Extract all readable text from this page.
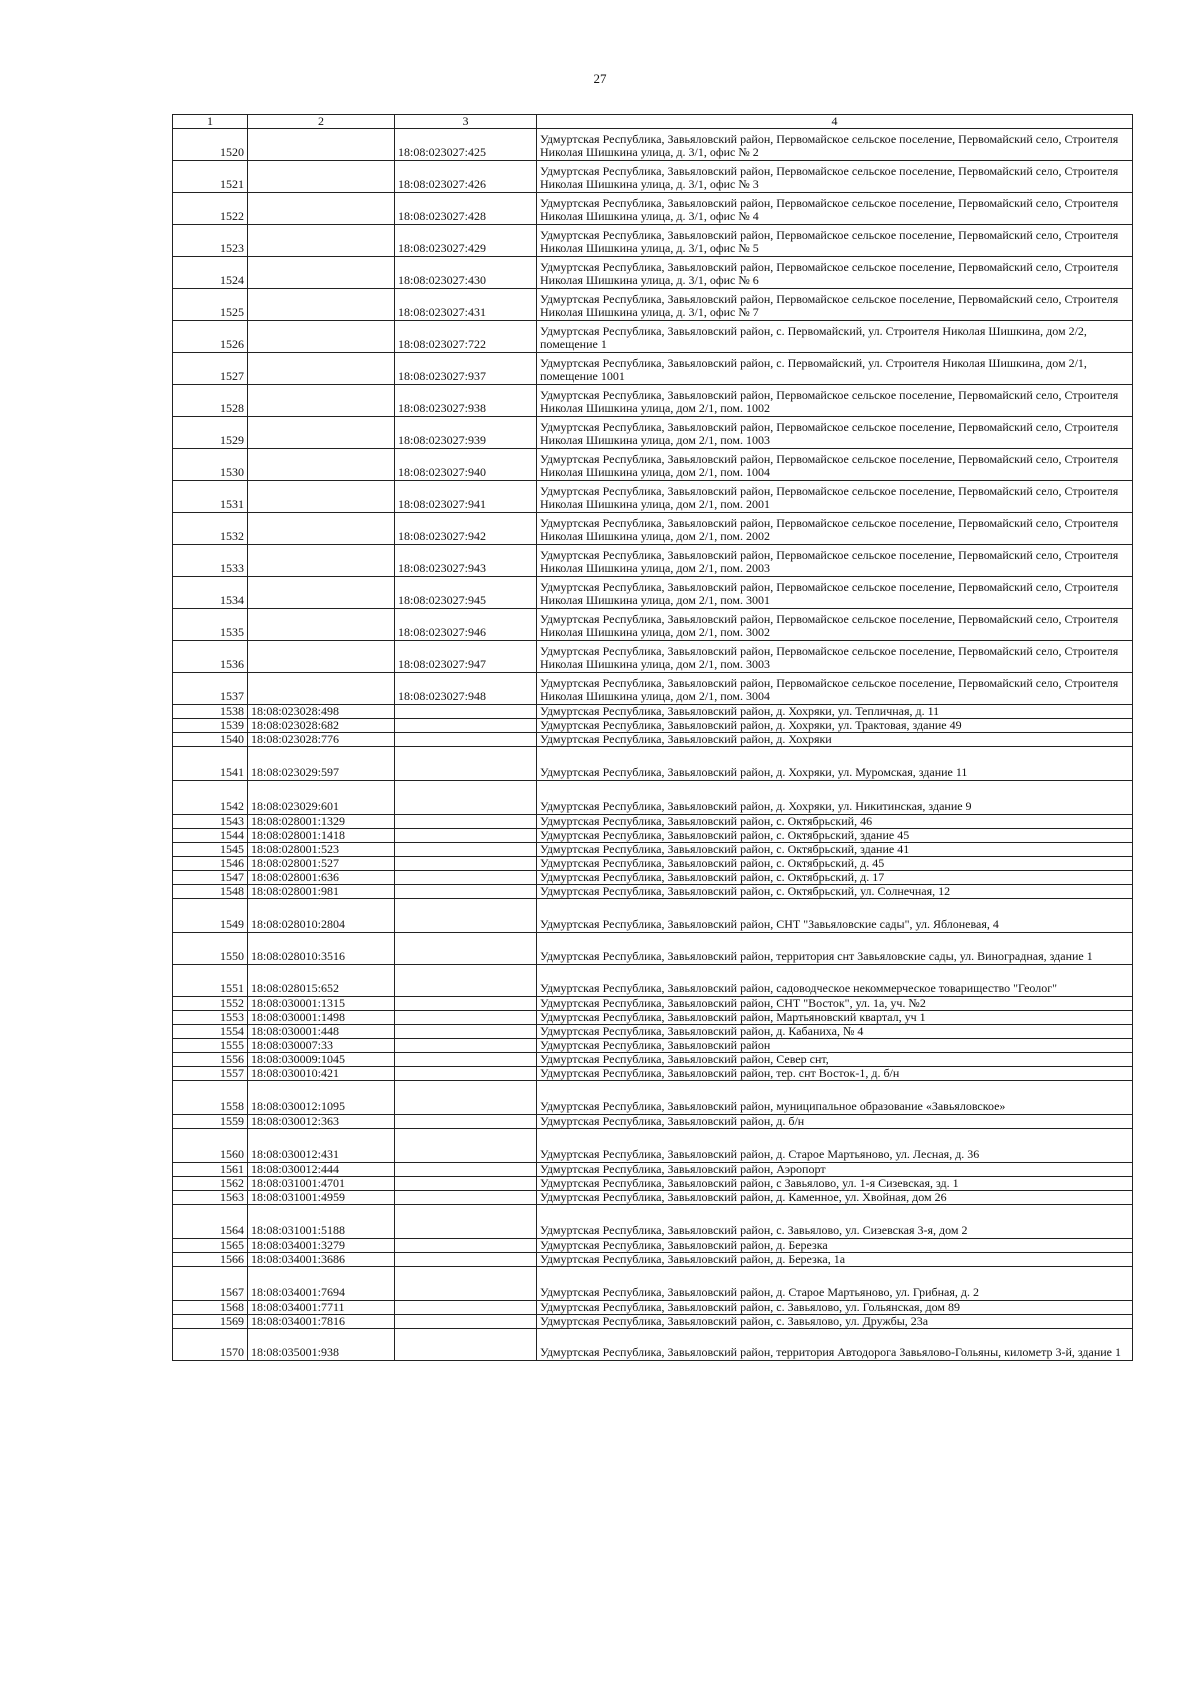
27
1	2	3	4
1520		18:08:023027:425	Удмуртская Республика, Завьяловский район, Первомайское сельское поселение, Первомайский село, Строителя Николая Шишкина улица, д. 3/1, офис № 2
1521		18:08:023027:426	Удмуртская Республика, Завьяловский район, Первомайское сельское поселение, Первомайский село, Строителя Николая Шишкина улица, д. 3/1, офис № 3
1522		18:08:023027:428	Удмуртская Республика, Завьяловский район, Первомайское сельское поселение, Первомайский село, Строителя Николая Шишкина улица, д. 3/1, офис № 4
1523		18:08:023027:429	Удмуртская Республика, Завьяловский район, Первомайское сельское поселение, Первомайский село, Строителя Николая Шишкина улица, д. 3/1, офис № 5
1524		18:08:023027:430	Удмуртская Республика, Завьяловский район, Первомайское сельское поселение, Первомайский село, Строителя Николая Шишкина улица, д. 3/1, офис № 6
1525		18:08:023027:431	Удмуртская Республика, Завьяловский район, Первомайское сельское поселение, Первомайский село, Строителя Николая Шишкина улица, д. 3/1, офис № 7
1526		18:08:023027:722	Удмуртская Республика, Завьяловский район, с. Первомайский, ул. Строителя Николая Шишкина, дом 2/2, помещение 1
1527		18:08:023027:937	Удмуртская Республика, Завьяловский район, с. Первомайский, ул. Строителя Николая Шишкина, дом 2/1, помещение 1001
1528		18:08:023027:938	Удмуртская Республика, Завьяловский район, Первомайское сельское поселение, Первомайский село, Строителя Николая Шишкина улица, дом 2/1, пом. 1002
1529		18:08:023027:939	Удмуртская Республика, Завьяловский район, Первомайское сельское поселение, Первомайский село, Строителя Николая Шишкина улица, дом 2/1, пом. 1003
1530		18:08:023027:940	Удмуртская Республика, Завьяловский район, Первомайское сельское поселение, Первомайский село, Строителя Николая Шишкина улица, дом 2/1, пом. 1004
1531		18:08:023027:941	Удмуртская Республика, Завьяловский район, Первомайское сельское поселение, Первомайский село, Строителя Николая Шишкина улица, дом 2/1, пом. 2001
1532		18:08:023027:942	Удмуртская Республика, Завьяловский район, Первомайское сельское поселение, Первомайский село, Строителя Николая Шишкина улица, дом 2/1, пом. 2002
1533		18:08:023027:943	Удмуртская Республика, Завьяловский район, Первомайское сельское поселение, Первомайский село, Строителя Николая Шишкина улица, дом 2/1, пом. 2003
1534		18:08:023027:945	Удмуртская Республика, Завьяловский район, Первомайское сельское поселение, Первомайский село, Строителя Николая Шишкина улица, дом 2/1, пом. 3001
1535		18:08:023027:946	Удмуртская Республика, Завьяловский район, Первомайское сельское поселение, Первомайский село, Строителя Николая Шишкина улица, дом 2/1, пом. 3002
1536		18:08:023027:947	Удмуртская Республика, Завьяловский район, Первомайское сельское поселение, Первомайский село, Строителя Николая Шишкина улица, дом 2/1, пом. 3003
1537		18:08:023027:948	Удмуртская Республика, Завьяловский район, Первомайское сельское поселение, Первомайский село, Строителя Николая Шишкина улица, дом 2/1, пом. 3004
1538	18:08:023028:498		Удмуртская Республика, Завьяловский район, д. Хохряки, ул. Тепличная, д. 11
1539	18:08:023028:682		Удмуртская Республика, Завьяловский район, д. Хохряки, ул. Трактовая, здание 49
1540	18:08:023028:776		Удмуртская Республика, Завьяловский район, д. Хохряки
1541	18:08:023029:597		Удмуртская Республика, Завьяловский район, д. Хохряки, ул. Муромская, здание 11
1542	18:08:023029:601		Удмуртская Республика, Завьяловский район, д. Хохряки, ул. Никитинская, здание 9
1543	18:08:028001:1329		Удмуртская Республика, Завьяловский район, с. Октябрьский, 46
1544	18:08:028001:1418		Удмуртская Республика, Завьяловский район, с. Октябрьский, здание 45
1545	18:08:028001:523		Удмуртская Республика, Завьяловский район, с. Октябрьский, здание 41
1546	18:08:028001:527		Удмуртская Республика, Завьяловский район, с. Октябрьский, д. 45
1547	18:08:028001:636		Удмуртская Республика, Завьяловский район, с. Октябрьский, д. 17
1548	18:08:028001:981		Удмуртская Республика, Завьяловский район, с. Октябрьский, ул. Солнечная, 12
1549	18:08:028010:2804		Удмуртская Республика, Завьяловский район, СНТ "Завьяловские сады", ул. Яблоневая, 4
1550	18:08:028010:3516		Удмуртская Республика, Завьяловский район, территория снт Завьяловские сады, ул. Виноградная, здание 1
1551	18:08:028015:652		Удмуртская Республика, Завьяловский район, садоводческое некоммерческое товарищество "Геолог"
1552	18:08:030001:1315		Удмуртская Республика, Завьяловский район, СНТ "Восток", ул. 1а, уч. №2
1553	18:08:030001:1498		Удмуртская Республика, Завьяловский район, Мартьяновский квартал, уч 1
1554	18:08:030001:448		Удмуртская Республика, Завьяловский район, д. Кабаниха, № 4
1555	18:08:030007:33		Удмуртская Республика, Завьяловский район
1556	18:08:030009:1045		Удмуртская Республика, Завьяловский район, Север снт,
1557	18:08:030010:421		Удмуртская Республика, Завьяловский район, тер. снт Восток-1, д. б/н
1558	18:08:030012:1095		Удмуртская Республика, Завьяловский район, муниципальное образование «Завьяловское»
1559	18:08:030012:363		Удмуртская Республика, Завьяловский район, д. б/н
1560	18:08:030012:431		Удмуртская Республика, Завьяловский район, д. Старое Мартьяново, ул. Лесная, д. 36
1561	18:08:030012:444		Удмуртская Республика, Завьяловский район, Аэропорт
1562	18:08:031001:4701		Удмуртская Республика, Завьяловский район, с Завьялово, ул. 1-я Сизевская, зд. 1
1563	18:08:031001:4959		Удмуртская Республика, Завьяловский район, д. Каменное, ул. Хвойная, дом 26
1564	18:08:031001:5188		Удмуртская Республика, Завьяловский район, с. Завьялово, ул. Сизевская 3-я, дом 2
1565	18:08:034001:3279		Удмуртская Республика, Завьяловский район, д. Березка
1566	18:08:034001:3686		Удмуртская Республика, Завьяловский район, д. Березка, 1а
1567	18:08:034001:7694		Удмуртская Республика, Завьяловский район, д. Старое Мартьяново, ул. Грибная, д. 2
1568	18:08:034001:7711		Удмуртская Республика, Завьяловский район, с. Завьялово, ул. Гольянская, дом 89
1569	18:08:034001:7816		Удмуртская Республика, Завьяловский район, с. Завьялово, ул. Дружбы, 23а
1570	18:08:035001:938		Удмуртская Республика, Завьяловский район, территория Автодорога Завьялово-Гольяны, километр 3-й, здание 1
